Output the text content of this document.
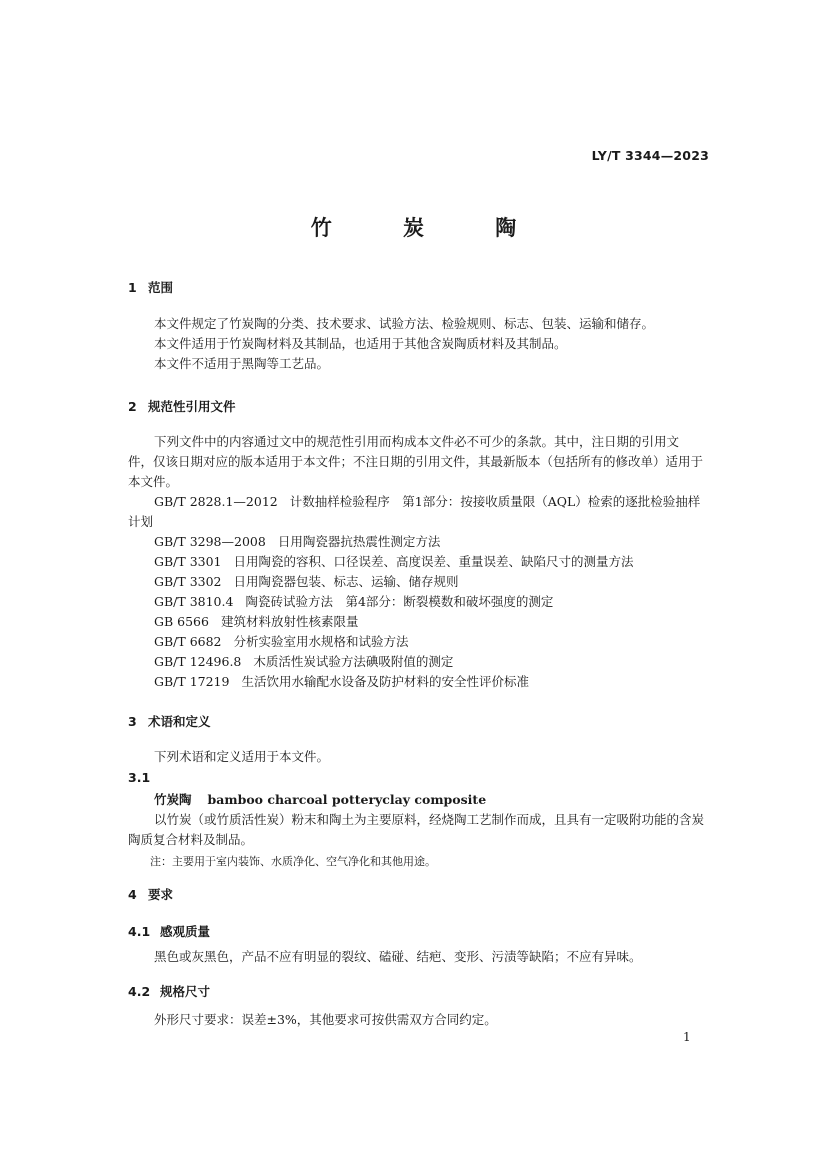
LY/T 3344—2023
竹 炭 陶
1 范围
本文件规定了竹炭陶的分类、技术要求、试验方法、检验规则、标志、包装、运输和储存。
本文件适用于竹炭陶材料及其制品，也适用于其他含炭陶质材料及其制品。
本文件不适用于黑陶等工艺品。
2 规范性引用文件
下列文件中的内容通过文中的规范性引用而构成本文件必不可少的条款。其中，注日期的引用文
件，仅该日期对应的版本适用于本文件；不注日期的引用文件，其最新版本（包括所有的修改单）适用于
本文件。
GB/T 2828.1—2012 计数抽样检验程序　第1部分：按接收质量限（AQL）检索的逐批检验抽样
计划
GB/T 3298—2008 日用陶瓷器抗热震性测定方法
GB/T 3301 日用陶瓷的容积、口径误差、高度误差、重量误差、缺陷尺寸的测量方法
GB/T 3302 日用陶瓷器包装、标志、运输、储存规则
GB/T 3810.4 陶瓷砖试验方法　第4部分：断裂模数和破坏强度的测定
GB 6566 建筑材料放射性核素限量
GB/T 6682 分析实验室用水规格和试验方法
GB/T 12496.8 木质活性炭试验方法碘吸附值的测定
GB/T 17219 生活饮用水输配水设备及防护材料的安全性评价标准
3 术语和定义
下列术语和定义适用于本文件。
3.1
竹炭陶 bamboo charcoal potteryclay composite
以竹炭（或竹质活性炭）粉末和陶土为主要原料，经烧陶工艺制作而成，且具有一定吸附功能的含炭
陶质复合材料及制品。
注：主要用于室内装饰、水质净化、空气净化和其他用途。
4 要求
4.1 感观质量
黑色或灰黑色，产品不应有明显的裂纹、磕碰、结疤、变形、污渍等缺陷；不应有异味。
4.2 规格尺寸
外形尺寸要求：误差±3%，其他要求可按供需双方合同约定。
1
